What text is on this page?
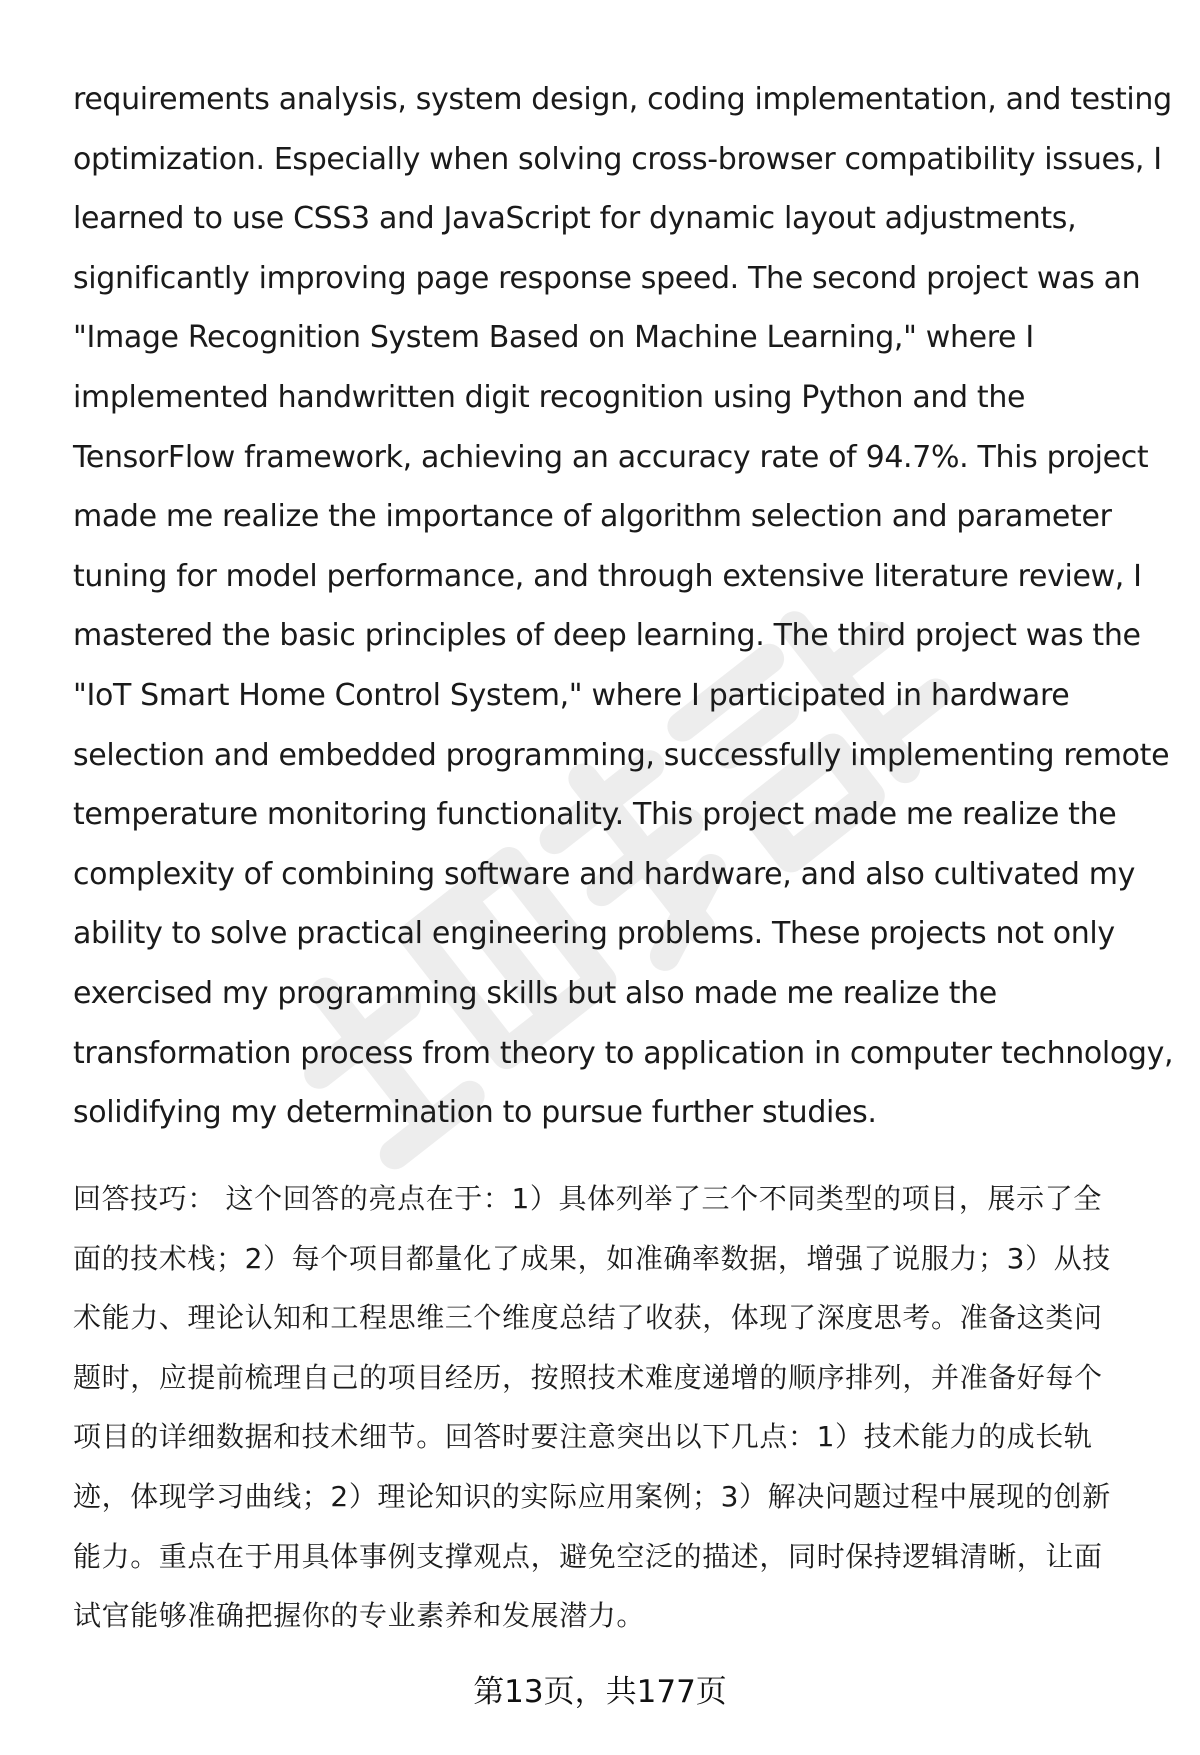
requirements analysis, system design, coding implementation, and testing
optimization. Especially when solving cross-browser compatibility issues, I
learned to use CSS3 and JavaScript for dynamic layout adjustments,
significantly improving page response speed. The second project was an
"Image Recognition System Based on Machine Learning," where I
implemented handwritten digit recognition using Python and the
TensorFlow framework, achieving an accuracy rate of 94.7%. This project
made me realize the importance of algorithm selection and parameter
tuning for model performance, and through extensive literature review, I
mastered the basic principles of deep learning. The third project was the
"IoT Smart Home Control System," where I participated in hardware
selection and embedded programming, successfully implementing remote
temperature monitoring functionality. This project made me realize the
complexity of combining software and hardware, and also cultivated my
ability to solve practical engineering problems. These projects not only
exercised my programming skills but also made me realize the
transformation process from theory to application in computer technology,
solidifying my determination to pursue further studies.
回答技巧： 这个回答的亮点在于：1）具体列举了三个不同类型的项目，展示了全
面的技术栈；2）每个项目都量化了成果，如准确率数据，增强了说服力；3）从技
术能力、理论认知和工程思维三个维度总结了收获，体现了深度思考。准备这类问
题时，应提前梳理自己的项目经历，按照技术难度递增的顺序排列，并准备好每个
项目的详细数据和技术细节。回答时要注意突出以下几点：1）技术能力的成长轨
迹，体现学习曲线；2）理论知识的实际应用案例；3）解决问题过程中展现的创新
能力。重点在于用具体事例支撑观点，避免空泛的描述，同时保持逻辑清晰，让面
试官能够准确把握你的专业素养和发展潜力。
第13页，共177页
